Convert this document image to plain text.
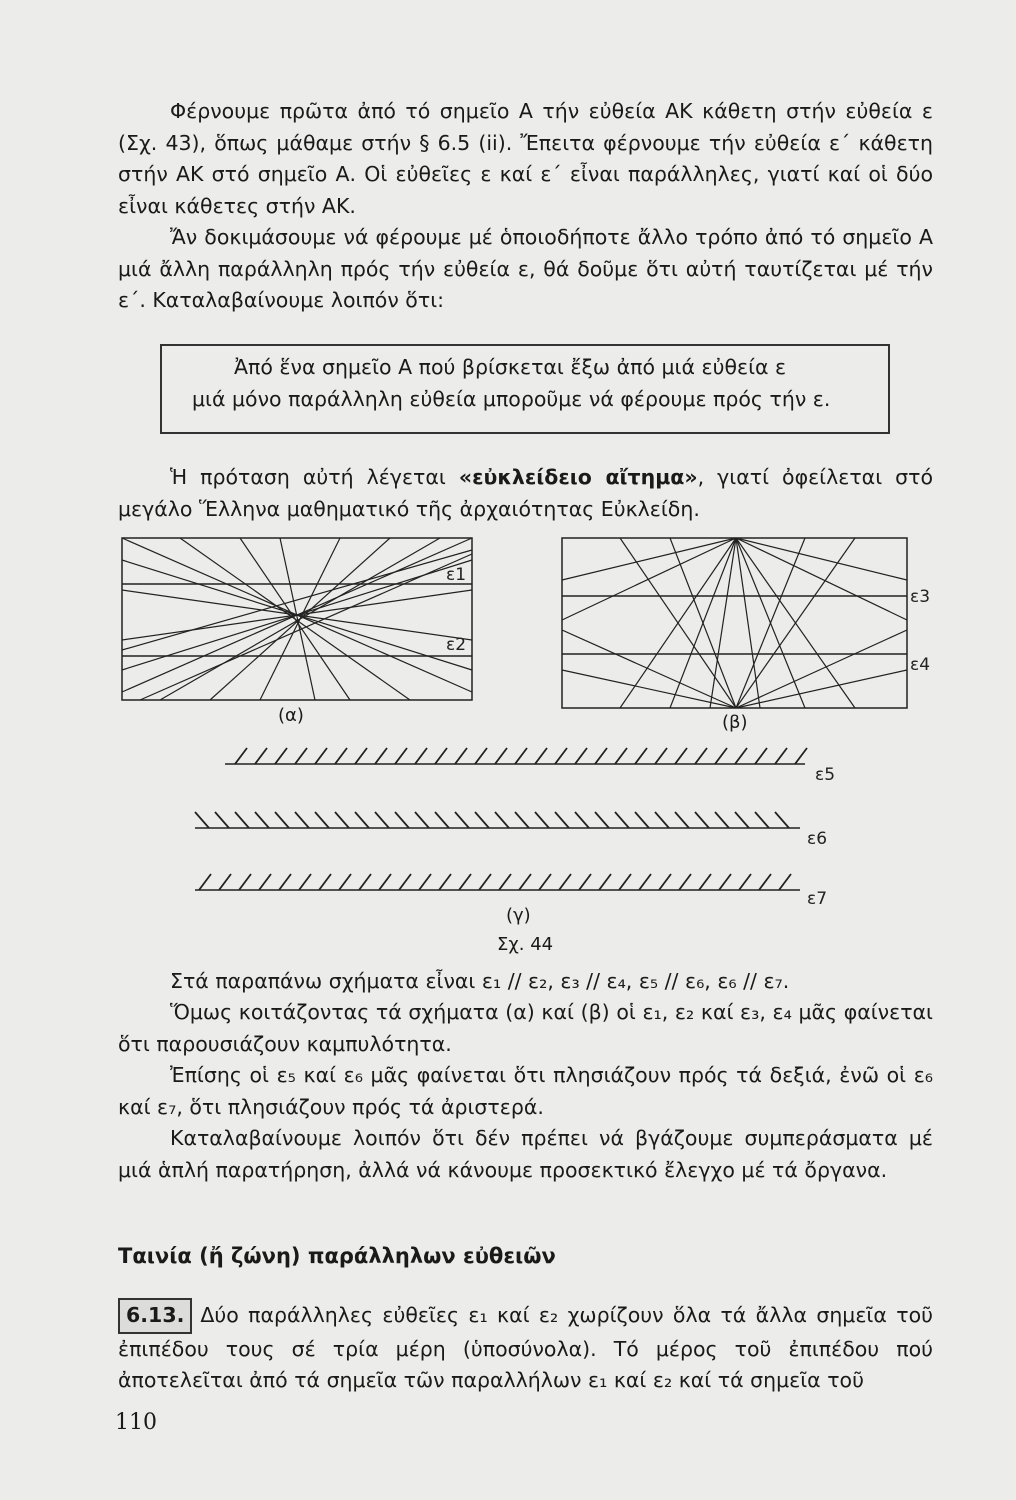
Φέρνουμε πρῶτα ἀπό τό σημεῖο Α τήν εὐθεία ΑΚ κάθετη στήν εὐθεία ε (Σχ. 43), ὅπως μάθαμε στήν § 6.5 (ii). Ἔπειτα φέρνουμε τήν εὐθεία ε΄ κάθετη στήν ΑΚ στό σημεῖο Α. Οἱ εὐθεῖες ε καί ε΄ εἶναι παράλληλες, γιατί καί οἱ δύο εἶναι κάθετες στήν ΑΚ.

Ἄν δοκιμάσουμε νά φέρουμε μέ ὁποιοδήποτε ἄλλο τρόπο ἀπό τό σημεῖο Α μιά ἄλλη παράλληλη πρός τήν εὐθεία ε, θά δοῦμε ὅτι αὐτή ταυτίζεται μέ τήν ε΄. Καταλαβαίνουμε λοιπόν ὅτι:

Ἀπό ἕνα σημεῖο Α πού βρίσκεται ἔξω ἀπό μιά εὐθεία ε
μιά μόνο παράλληλη εὐθεία μποροῦμε νά φέρουμε πρός τήν ε.

Ἡ πρόταση αὐτή λέγεται «εὐκλείδειο αἴτημα», γιατί ὀφείλεται στό μεγάλο Ἕλληνα μαθηματικό τῆς ἀρχαιότητας Εὐκλείδη.

ε1
ε2
(α)
ε3
ε4
(β)
ε5
ε6
ε7
(γ)
Σχ. 44

Στά παραπάνω σχήματα εἶναι ε₁ // ε₂, ε₃ // ε₄, ε₅ // ε₆, ε₆ // ε₇.

Ὅμως κοιτάζοντας τά σχήματα (α) καί (β) οἱ ε₁, ε₂ καί ε₃, ε₄ μᾶς φαίνεται ὅτι παρουσιάζουν καμπυλότητα.

Ἐπίσης οἱ ε₅ καί ε₆ μᾶς φαίνεται ὅτι πλησιάζουν πρός τά δεξιά, ἐνῶ οἱ ε₆ καί ε₇, ὅτι πλησιάζουν πρός τά ἀριστερά.

Καταλαβαίνουμε λοιπόν ὅτι δέν πρέπει νά βγάζουμε συμπεράσματα μέ μιά ἁπλή παρατήρηση, ἀλλά νά κάνουμε προσεκτικό ἔλεγχο μέ τά ὄργανα.

Ταινία (ἤ ζώνη) παράλληλων εὐθειῶν

6.13. Δύο παράλληλες εὐθεῖες ε₁ καί ε₂ χωρίζουν ὅλα τά ἄλλα σημεῖα τοῦ ἐπιπέδου τους σέ τρία μέρη (ὑποσύνολα). Τό μέρος τοῦ ἐπιπέδου πού ἀποτελεῖται ἀπό τά σημεῖα τῶν παραλλήλων ε₁ καί ε₂ καί τά σημεῖα τοῦ

110
